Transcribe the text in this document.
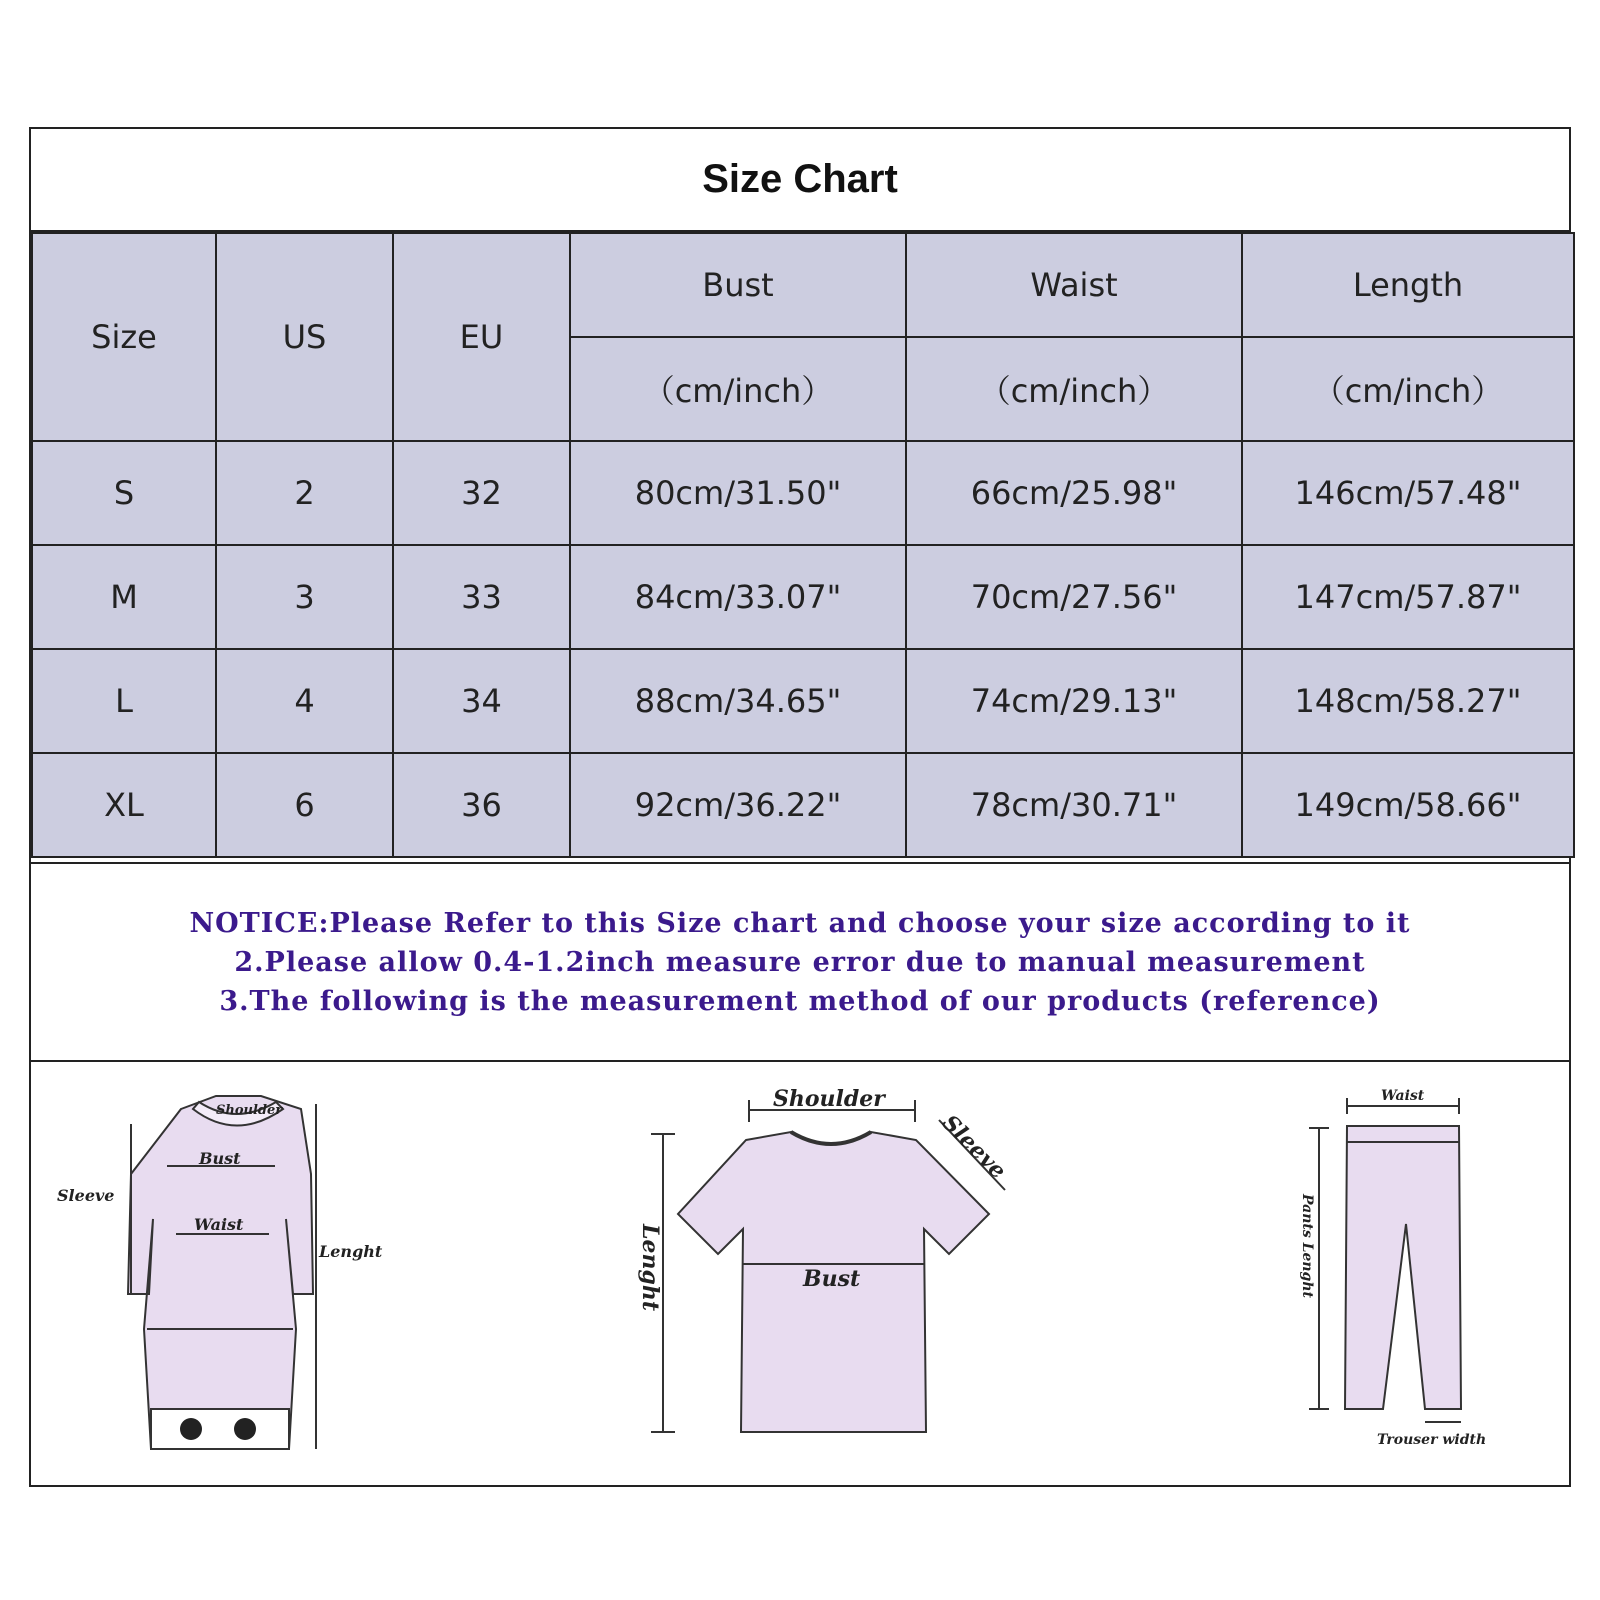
Size Chart
Size	US	EU	Bust	Waist	Length
			（cm/inch）	（cm/inch）	（cm/inch）
S	2	32	80cm/31.50"	66cm/25.98"	146cm/57.48"
M	3	33	84cm/33.07"	70cm/27.56"	147cm/57.87"
L	4	34	88cm/34.65"	74cm/29.13"	148cm/58.27"
XL	6	36	92cm/36.22"	78cm/30.71"	149cm/58.66"
NOTICE:Please Refer to this Size chart and choose your size according to it
2.Please allow 0.4-1.2inch measure error due to manual measurement
3.The following is the measurement method of our products (reference)
Shoulder
Bust
Waist
Sleeve
Lenght
Shoulder
Sleeve
Bust
Lenght
Waist
Pants Lenght
Trouser width
